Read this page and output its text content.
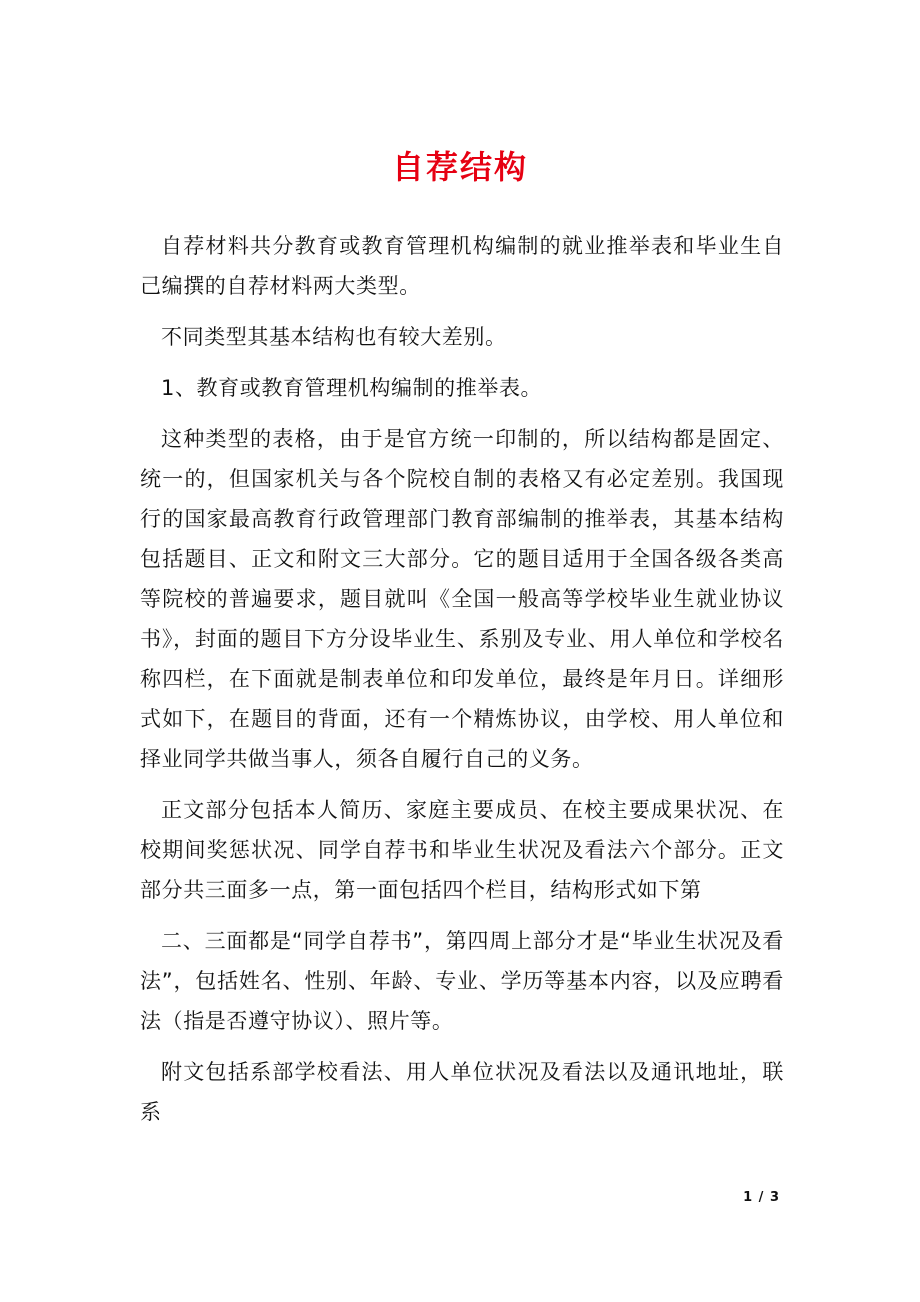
自荐结构

自荐材料共分教育或教育管理机构编制的就业推举表和毕业生自己编撰的自荐材料两大类型。

不同类型其基本结构也有较大差别。

1、教育或教育管理机构编制的推举表。

这种类型的表格，由于是官方统一印制的，所以结构都是固定、统一的，但国家机关与各个院校自制的表格又有必定差别。我国现行的国家最高教育行政管理部门教育部编制的推举表，其基本结构包括题目、正文和附文三大部分。它的题目适用于全国各级各类高等院校的普遍要求，题目就叫《全国一般高等学校毕业生就业协议书》，封面的题目下方分设毕业生、系别及专业、用人单位和学校名称四栏，在下面就是制表单位和印发单位，最终是年月日。详细形式如下，在题目的背面，还有一个精炼协议，由学校、用人单位和择业同学共做当事人，须各自履行自己的义务。

正文部分包括本人简历、家庭主要成员、在校主要成果状况、在校期间奖惩状况、同学自荐书和毕业生状况及看法六个部分。正文部分共三面多一点，第一面包括四个栏目，结构形式如下第

二、三面都是“同学自荐书”，第四周上部分才是“毕业生状况及看法”，包括姓名、性别、年龄、专业、学历等基本内容，以及应聘看法（指是否遵守协议）、照片等。

附文包括系部学校看法、用人单位状况及看法以及通讯地址，联系

1 / 3
